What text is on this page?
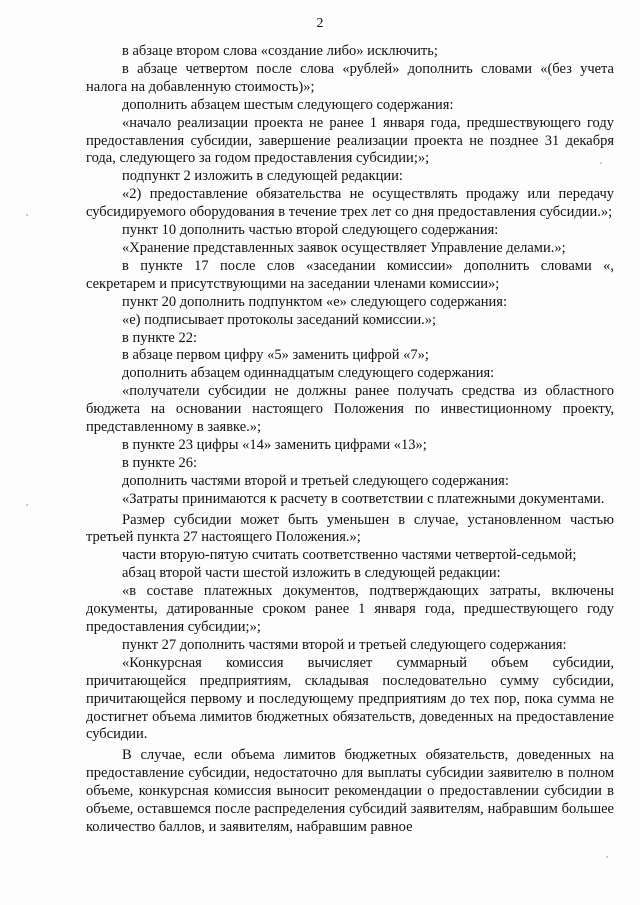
2

в абзаце втором слова «создание либо» исключить;

в абзаце четвертом после слова «рублей» дополнить словами «(без учета налога на добавленную стоимость)»;

дополнить абзацем шестым следующего содержания:

«начало реализации проекта не ранее 1 января года, предшествующего году предоставления субсидии, завершение реализации проекта не позднее 31 декабря года, следующего за годом предоставления субсидии;»;

подпункт 2 изложить в следующей редакции:

«2) предоставление обязательства не осуществлять продажу или передачу субсидируемого оборудования в течение трех лет со дня предоставления субсидии.»;

пункт 10 дополнить частью второй следующего содержания:

«Хранение представленных заявок осуществляет Управление делами.»;

в пункте 17 после слов «заседании комиссии» дополнить словами «, секретарем и присутствующими на заседании членами комиссии»;

пункт 20 дополнить подпунктом «е» следующего содержания:

«е) подписывает протоколы заседаний комиссии.»;

в пункте 22:

в абзаце первом цифру «5» заменить цифрой «7»;

дополнить абзацем одиннадцатым следующего содержания:

«получатели субсидии не должны ранее получать средства из областного бюджета на основании настоящего Положения по инвестиционному проекту, представленному в заявке.»;

в пункте 23 цифры «14» заменить цифрами «13»;

в пункте 26:

дополнить частями второй и третьей следующего содержания:

«Затраты принимаются к расчету в соответствии с платежными документами.

Размер субсидии может быть уменьшен в случае, установленном частью третьей пункта 27 настоящего Положения.»;

части вторую-пятую считать соответственно частями четвертой-седьмой;

абзац второй части шестой изложить в следующей редакции:

«в составе платежных документов, подтверждающих затраты, включены документы, датированные сроком ранее 1 января года, предшествующего году предоставления субсидии;»;

пункт 27 дополнить частями второй и третьей следующего содержания:

«Конкурсная комиссия вычисляет суммарный объем субсидии, причитающейся предприятиям, складывая последовательно сумму субсидии, причитающейся первому и последующему предприятиям до тех пор, пока сумма не достигнет объема лимитов бюджетных обязательств, доведенных на предоставление субсидии.

В случае, если объема лимитов бюджетных обязательств, доведенных на предоставление субсидии, недостаточно для выплаты субсидии заявителю в полном объеме, конкурсная комиссия выносит рекомендации о предоставлении субсидии в объеме, оставшемся после распределения субсидий заявителям, набравшим большее количество баллов, и заявителям, набравшим равное
